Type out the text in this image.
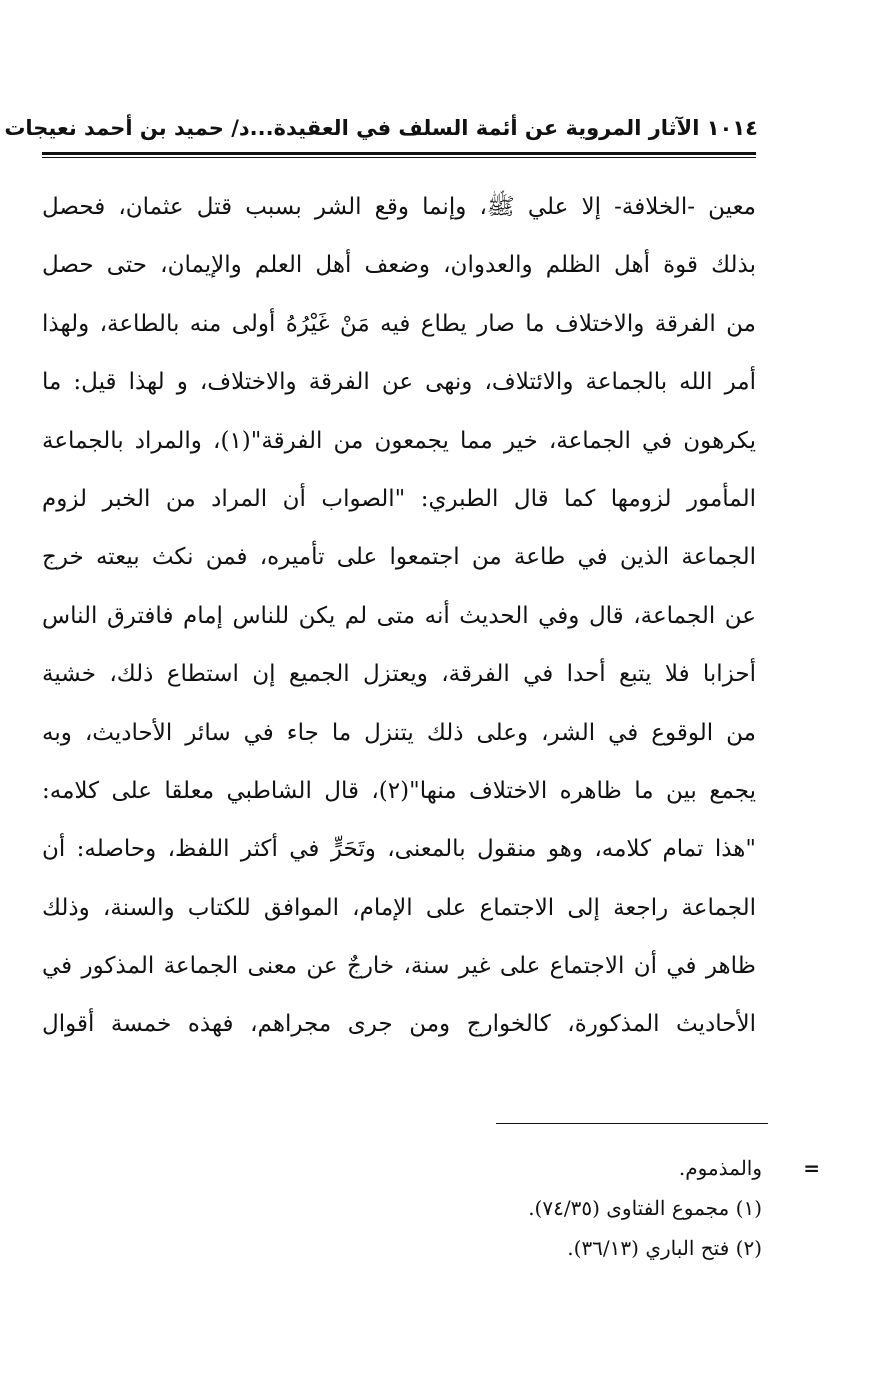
١٠١٤ الآثار المروية عن أئمة السلف في العقيدة...د/ حميد بن أحمد نعيجات
معين -الخلافة- إلا علي ﷺ، وإنما وقع الشر بسبب قتل عثمان، فحصل
بذلك قوة أهل الظلم والعدوان، وضعف أهل العلم والإيمان، حتى حصل
من الفرقة والاختلاف ما صار يطاع فيه مَنْ غَيْرُهُ أولى منه بالطاعة، ولهذا
أمر الله بالجماعة والائتلاف، ونهى عن الفرقة والاختلاف، و لهذا قيل: ما
يكرهون في الجماعة، خير مما يجمعون من الفرقة"(١)، والمراد بالجماعة
المأمور لزومها كما قال الطبري: "الصواب أن المراد من الخبر لزوم
الجماعة الذين في طاعة من اجتمعوا على تأميره، فمن نكث بيعته خرج
عن الجماعة، قال وفي الحديث أنه متى لم يكن للناس إمام فافترق الناس
أحزابا فلا يتبع أحدا في الفرقة، ويعتزل الجميع إن استطاع ذلك، خشية
من الوقوع في الشر، وعلى ذلك يتنزل ما جاء في سائر الأحاديث، وبه
يجمع بين ما ظاهره الاختلاف منها"(٢)، قال الشاطبي معلقا على كلامه:
"هذا تمام كلامه، وهو منقول بالمعنى، وتَحَرٍّ في أكثر اللفظ، وحاصله: أن
الجماعة راجعة إلى الاجتماع على الإمام، الموافق للكتاب والسنة، وذلك
ظاهر في أن الاجتماع على غير سنة، خارجٌ عن معنى الجماعة المذكور في
الأحاديث المذكورة، كالخوارج ومن جرى مجراهم، فهذه خمسة أقوال
=
والمذموم.
(١) مجموع الفتاوى (٧٤/٣٥).
(٢) فتح الباري (٣٦/١٣).
